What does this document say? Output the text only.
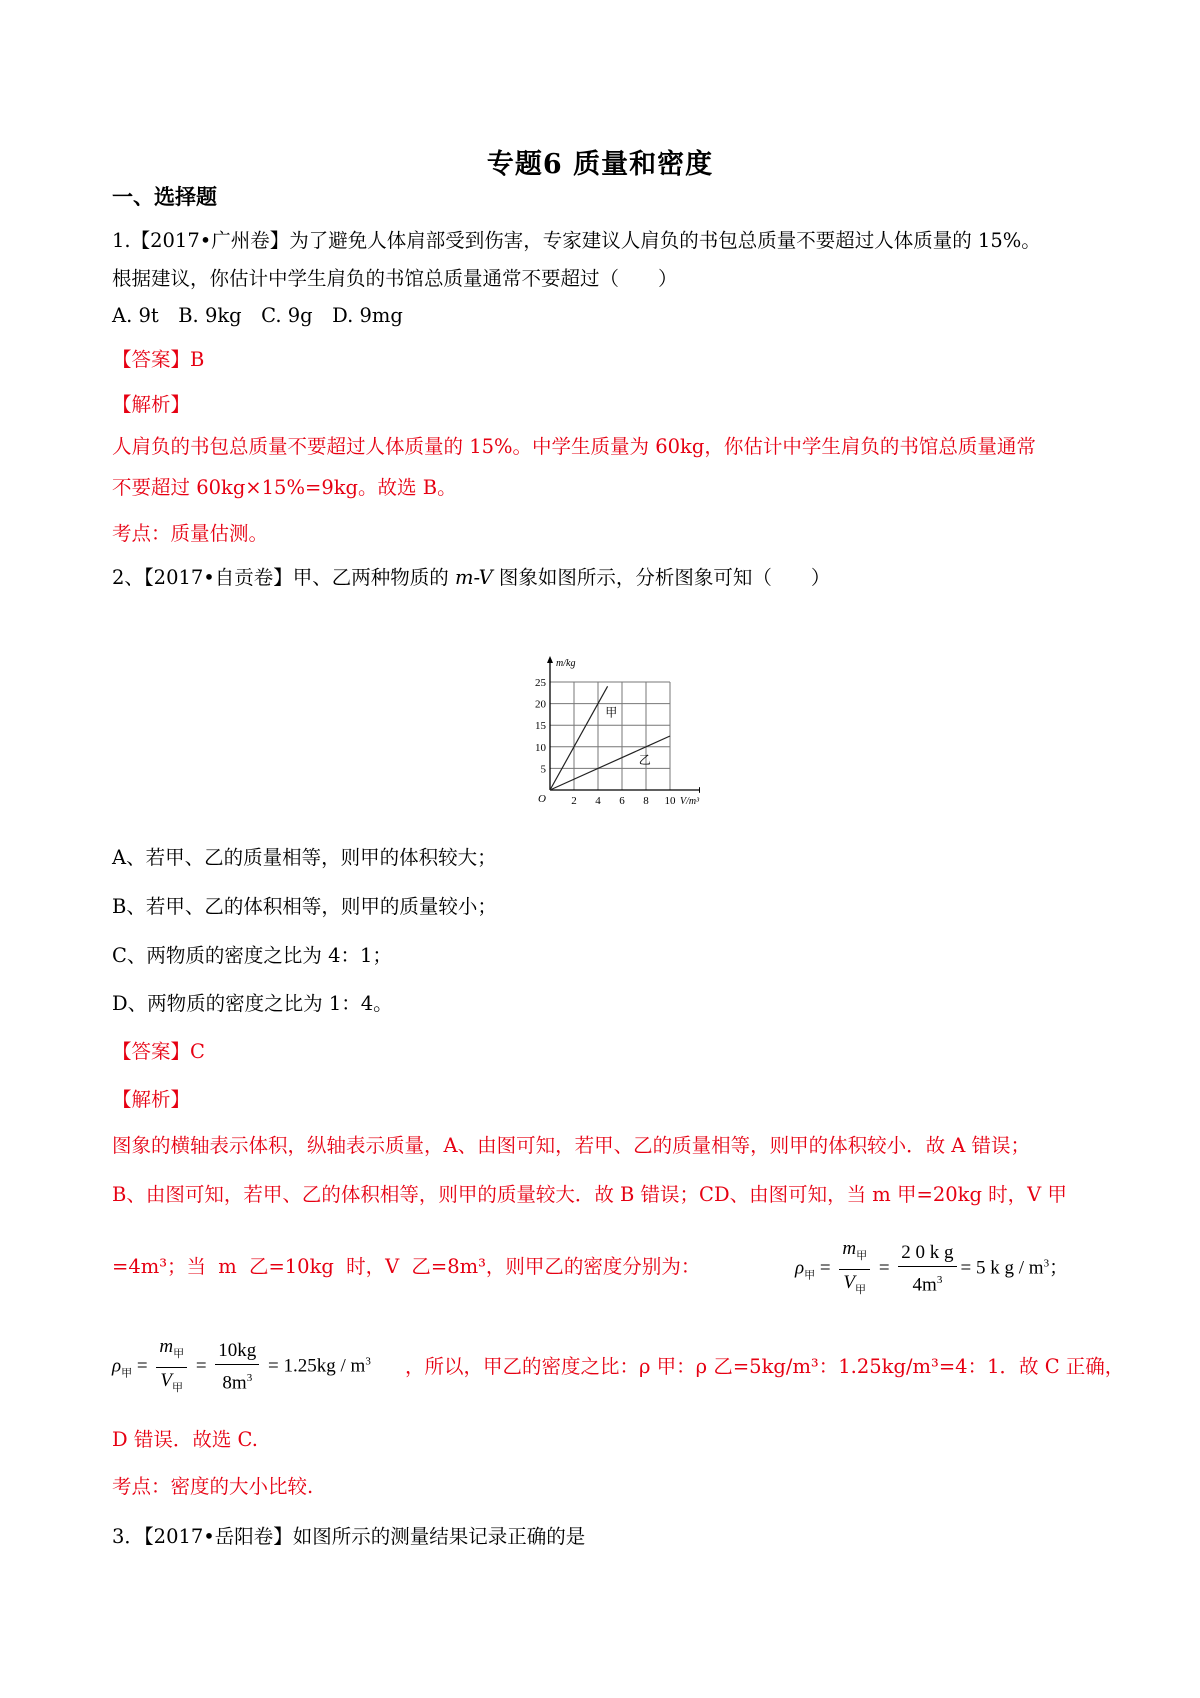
专题6 质量和密度
一、选择题
1.【2017•广州卷】为了避免人体肩部受到伤害，专家建议人肩负的书包总质量不要超过人体质量的 15%。
根据建议，你估计中学生肩负的书馆总质量通常不要超过（　　）
A. 9t　B. 9kg　C. 9g　D. 9mg
【答案】B
【解析】
人肩负的书包总质量不要超过人体质量的 15%。中学生质量为 60kg，你估计中学生肩负的书馆总质量通常
不要超过 60kg×15%=9kg。故选 B。
考点：质量估测。
2、【2017•自贡卷】甲、乙两种物质的 m-V 图象如图所示，分析图象可知（　　）
2 4 6 8 10
5
10
15
20
25
O
m/kg
V/m³
甲
乙
A、若甲、乙的质量相等，则甲的体积较大；
B、若甲、乙的体积相等，则甲的质量较小；
C、两物质的密度之比为 4：1；
D、两物质的密度之比为 1：4。
【答案】C
【解析】
图象的横轴表示体积，纵轴表示质量，A、由图可知，若甲、乙的质量相等，则甲的体积较小．故 A 错误；
B、由图可知，若甲、乙的体积相等，则甲的质量较大．故 B 错误；CD、由图可知，当 m 甲=20kg 时，V 甲
=4m³；当 m 乙=10kg 时，V 乙=8m³，则甲乙的密度分别为：	$\rho_甲 = \frac{m_甲}{V_甲} = \frac{\text{2 0 k g}}{4m^3} = 5$ k g / $m^3$；
$\rho_甲 = \frac{m_甲}{V_甲} = \frac{10kg}{8m^3} = 1.25kg / m^3$ ，所以，甲乙的密度之比：ρ 甲：ρ 乙=5kg/m³：1.25kg/m³=4：1．故 C 正确，
D 错误．故选 C.
考点：密度的大小比较.
3．【2017•岳阳卷】如图所示的测量结果记录正确的是
